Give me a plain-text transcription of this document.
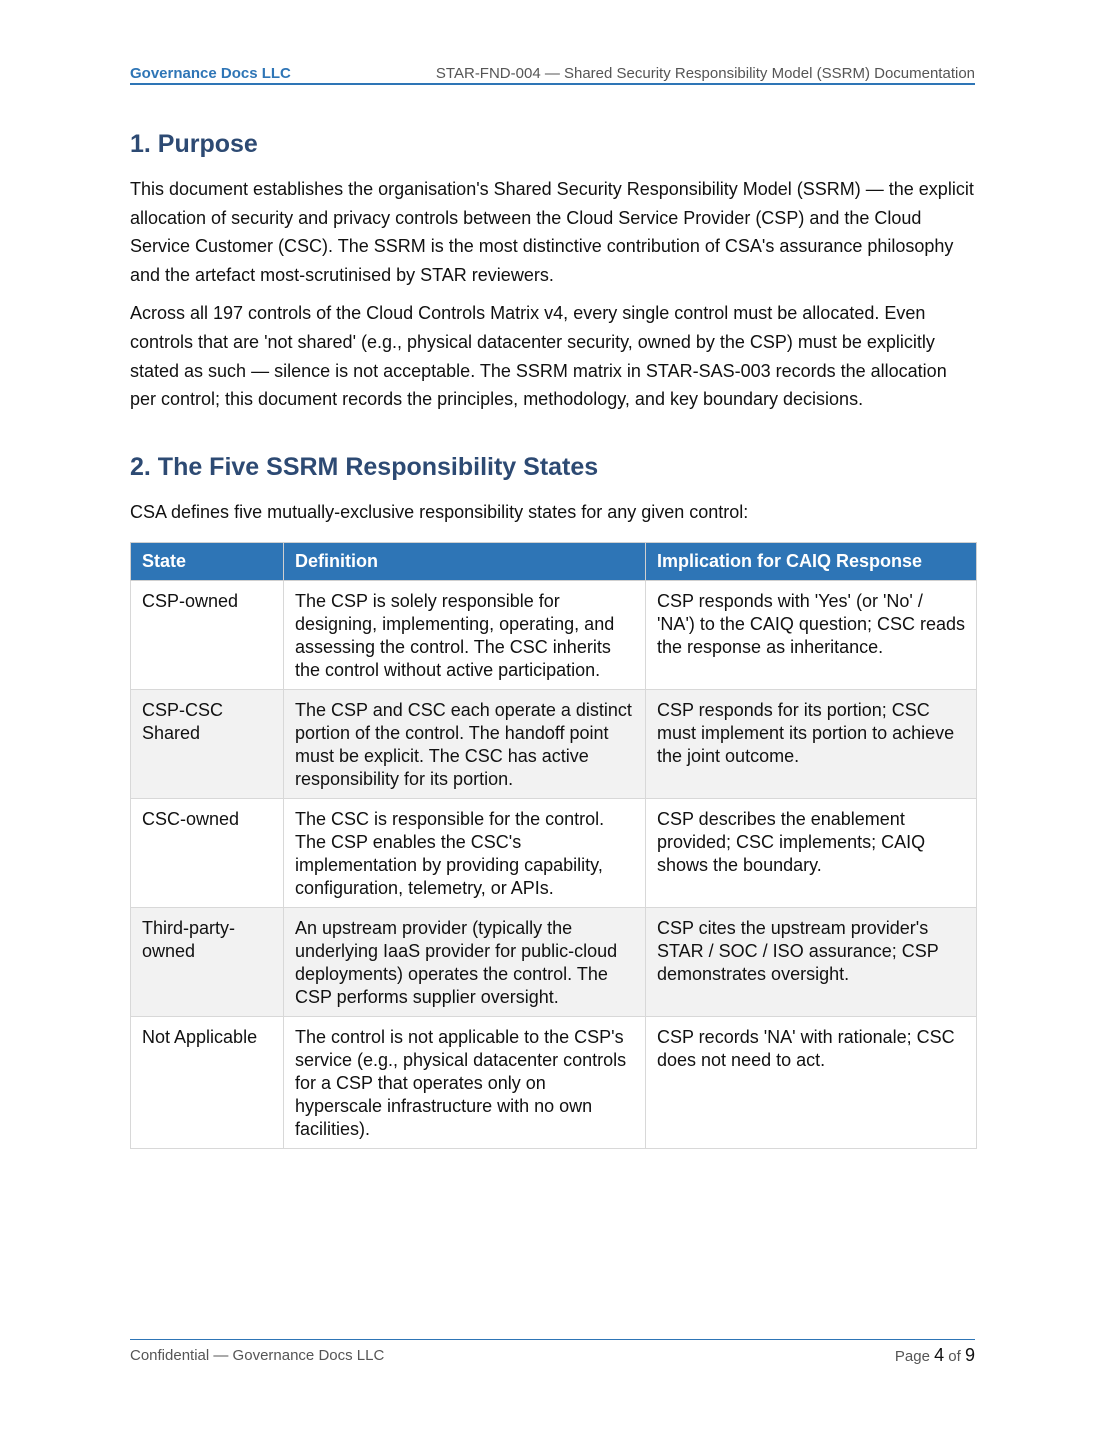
Governance Docs LLC	STAR-FND-004 — Shared Security Responsibility Model (SSRM) Documentation
1. Purpose

This document establishes the organisation's Shared Security Responsibility Model (SSRM) — the explicit allocation of security and privacy controls between the Cloud Service Provider (CSP) and the Cloud Service Customer (CSC). The SSRM is the most distinctive contribution of CSA's assurance philosophy and the artefact most-scrutinised by STAR reviewers.

Across all 197 controls of the Cloud Controls Matrix v4, every single control must be allocated. Even controls that are 'not shared' (e.g., physical datacenter security, owned by the CSP) must be explicitly stated as such — silence is not acceptable. The SSRM matrix in STAR-SAS-003 records the allocation per control; this document records the principles, methodology, and key boundary decisions.

2. The Five SSRM Responsibility States

CSA defines five mutually-exclusive responsibility states for any given control:

State	Definition	Implication for CAIQ Response
CSP-owned	The CSP is solely responsible for designing, implementing, operating, and assessing the control. The CSC inherits the control without active participation.	CSP responds with 'Yes' (or 'No' / 'NA') to the CAIQ question; CSC reads the response as inheritance.
CSP-CSC Shared	The CSP and CSC each operate a distinct portion of the control. The handoff point must be explicit. The CSC has active responsibility for its portion.	CSP responds for its portion; CSC must implement its portion to achieve the joint outcome.
CSC-owned	The CSC is responsible for the control. The CSP enables the CSC's implementation by providing capability, configuration, telemetry, or APIs.	CSP describes the enablement provided; CSC implements; CAIQ shows the boundary.
Third-party-owned	An upstream provider (typically the underlying IaaS provider for public-cloud deployments) operates the control. The CSP performs supplier oversight.	CSP cites the upstream provider's STAR / SOC / ISO assurance; CSP demonstrates oversight.
Not Applicable	The control is not applicable to the CSP's service (e.g., physical datacenter controls for a CSP that operates only on hyperscale infrastructure with no own facilities).	CSP records 'NA' with rationale; CSC does not need to act.
Confidential — Governance Docs LLC	Page 4 of 9
